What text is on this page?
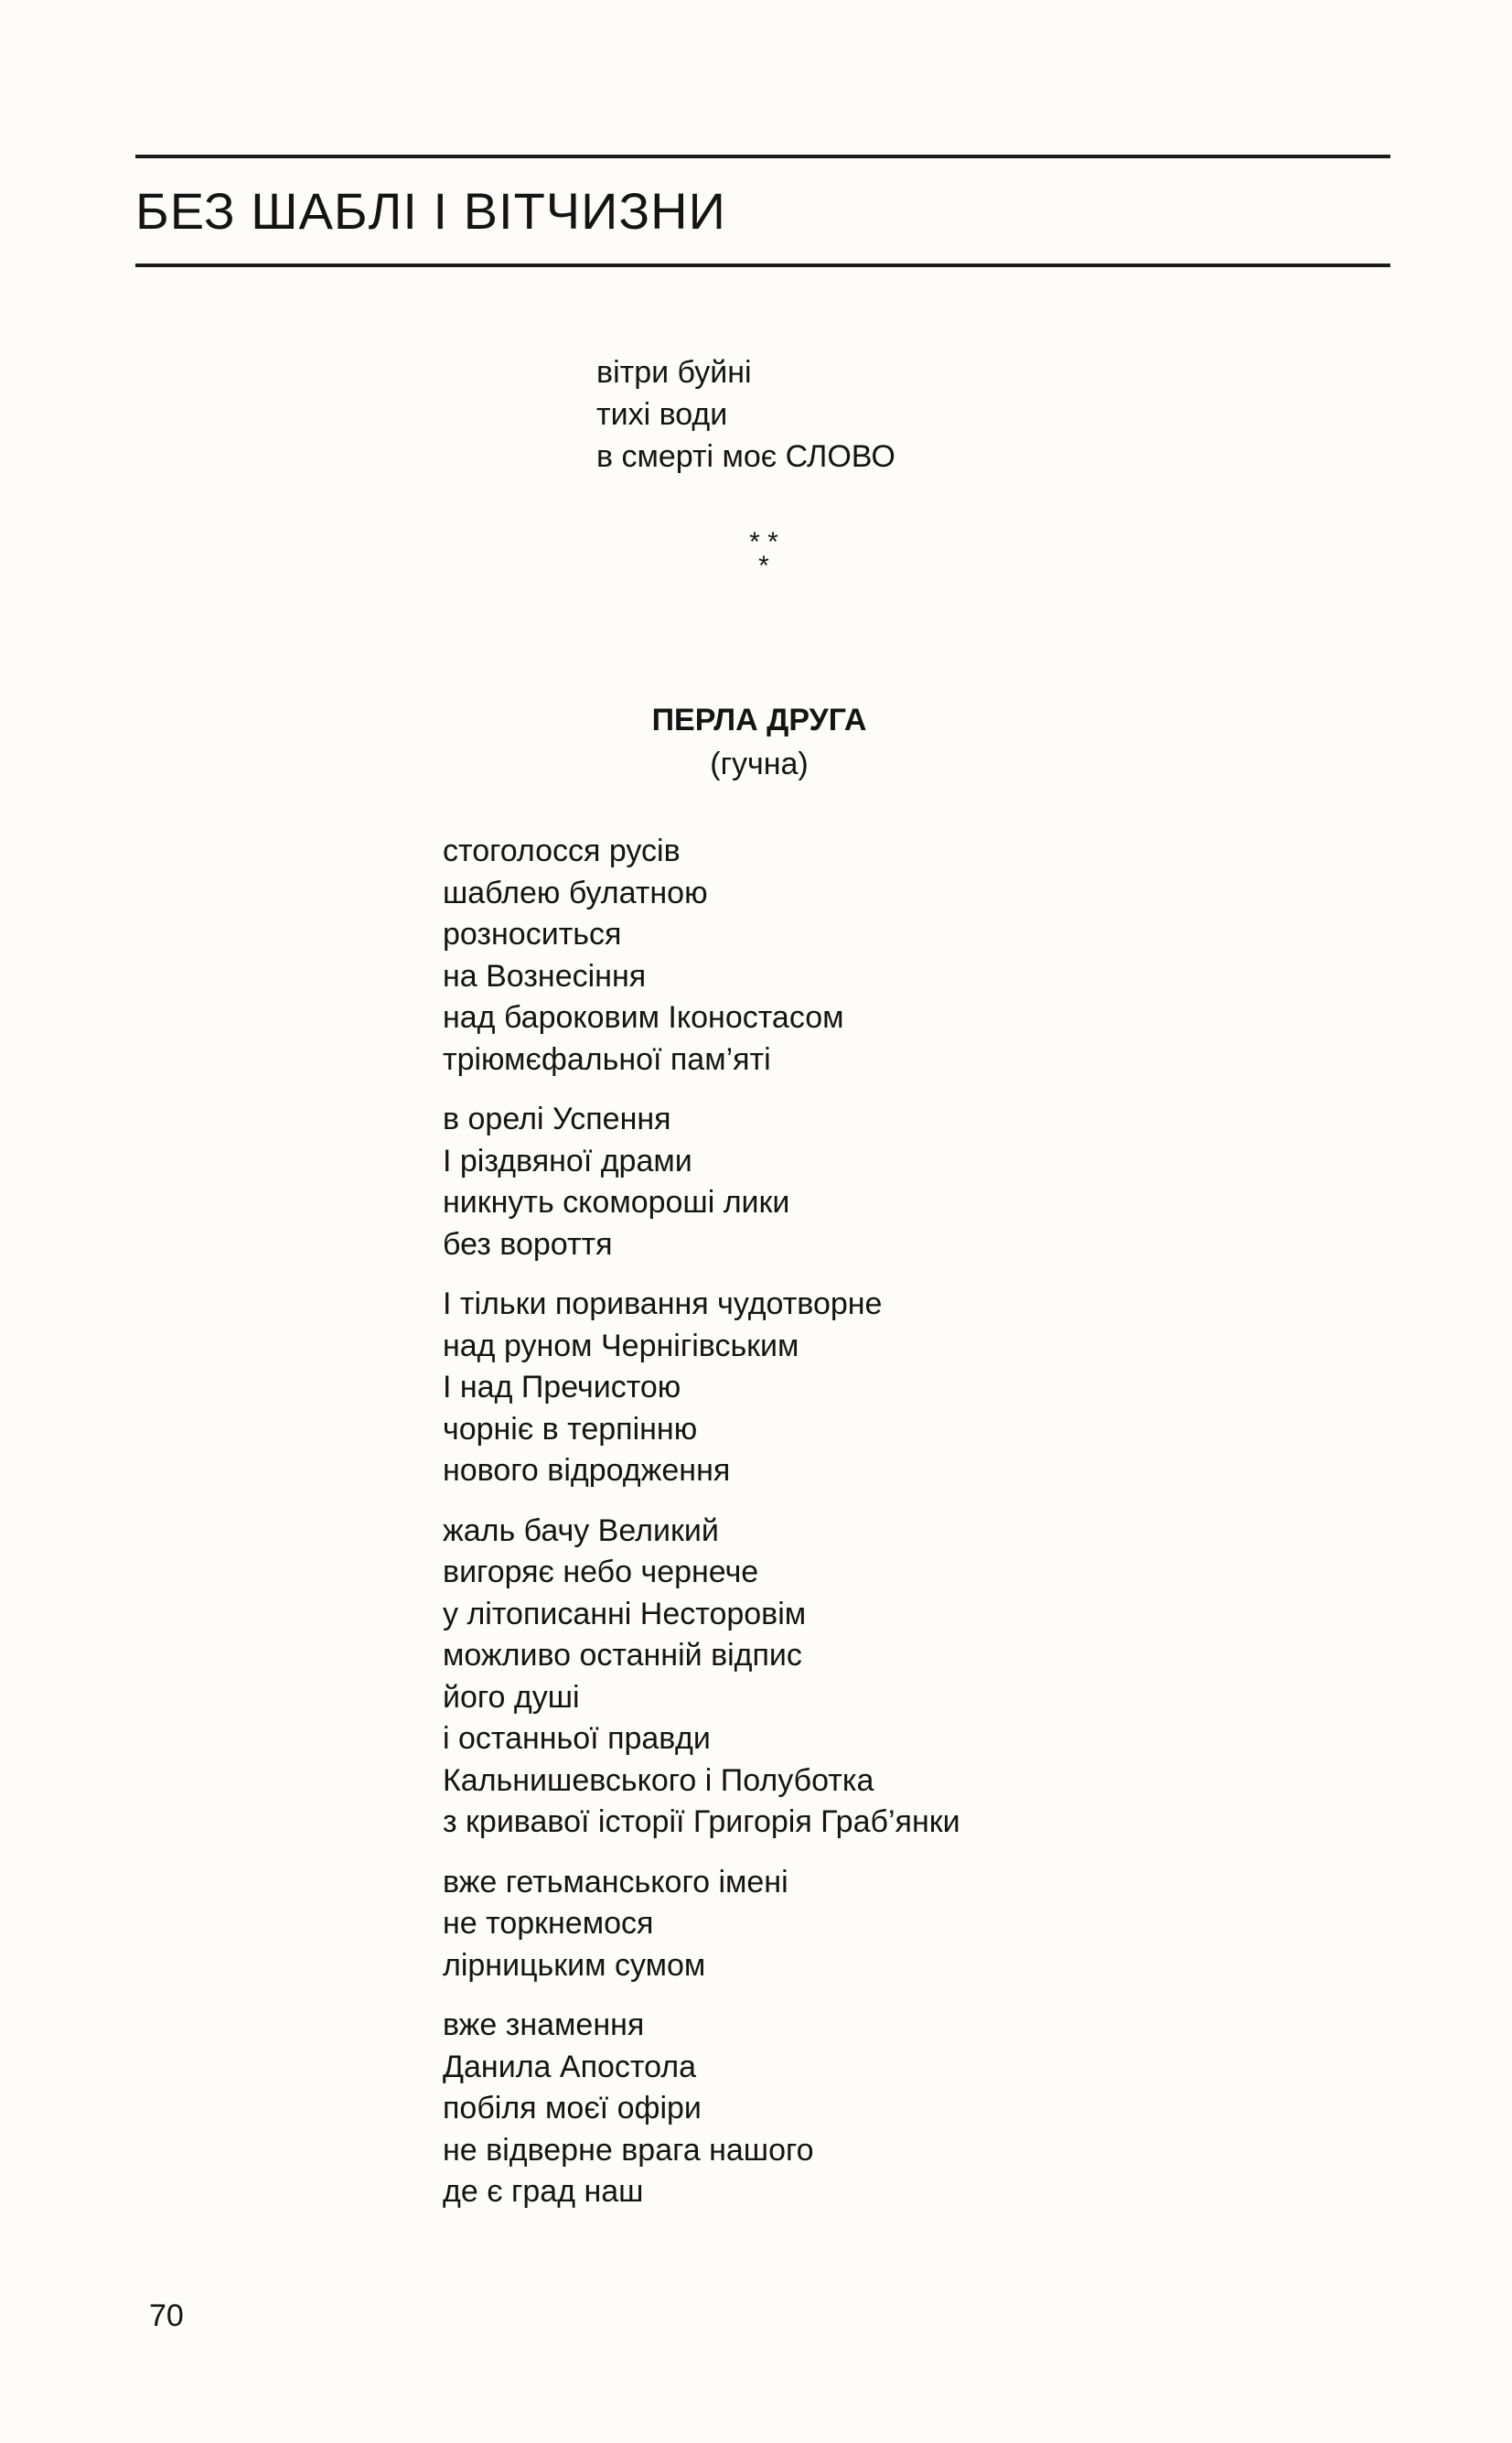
БЕЗ ШАБЛІ І ВІТЧИЗНИ
вітри буйні
тихі води
в смерті моє СЛОВО
* *
*
ПЕРЛА ДРУГА
(гучна)
стоголосся русів
шаблею булатною
розноситься
на Вознесіння
над бароковим Іконостасом
тріюмєфальної пам’яті
в орелі Успення
І різдвяної драми
никнуть скоморошi лики
без вороття
І тільки поривання чудотворне
над руном Чернігівським
І над Пречистою
чорніє в терпінню
нового відродження
жаль бачу Великий
вигоряє небо чернече
у літописанні Несторовім
можливо останній відпис
його душі
і останньої правди
Кальнишевського і Полуботка
з кривавої історії Григорія Граб’янки
вже гетьманського імені
не торкнемося
лірницьким сумом
вже знамення
Данила Апостола
побіля моєї офіри
не відверне врага нашого
де є град наш
70
